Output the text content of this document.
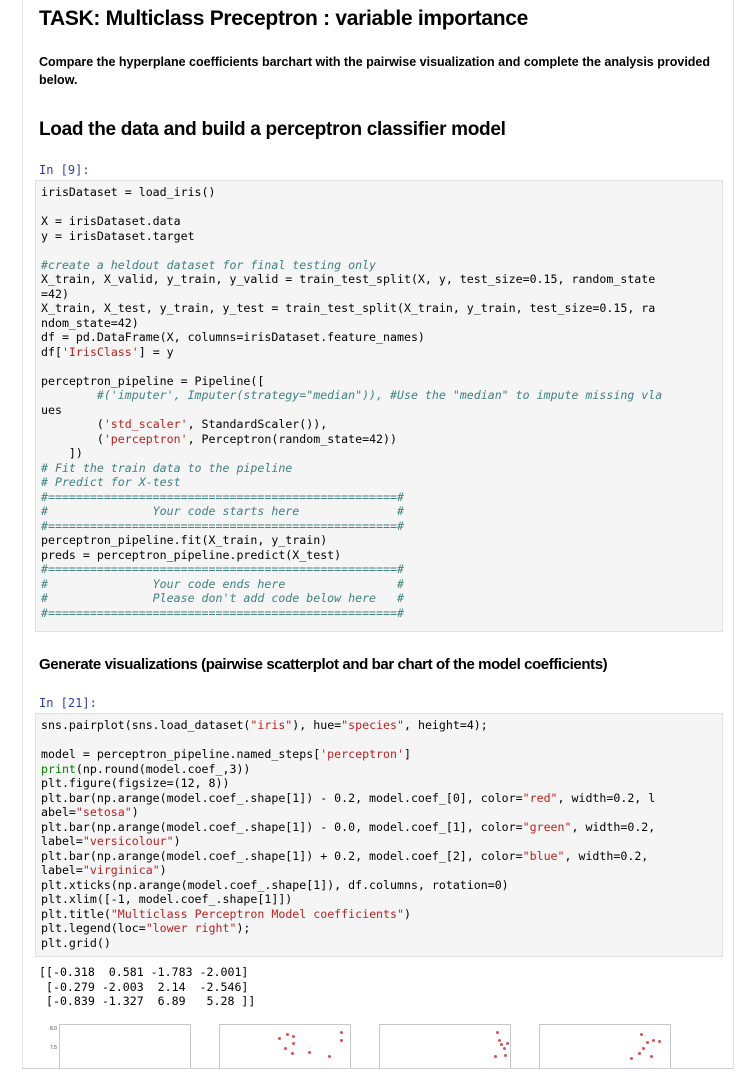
TASK: Multiclass Preceptron : variable importance
Compare the hyperplane coefficients barchart with the pairwise visualization and complete the analysis provided below.
Load the data and build a perceptron classifier model
In [9]:
irisDataset = load_iris()

X = irisDataset.data
y = irisDataset.target

#create a heldout dataset for final testing only
X_train, X_valid, y_train, y_valid = train_test_split(X, y, test_size=0.15, random_state
=42)
X_train, X_test, y_train, y_test = train_test_split(X_train, y_train, test_size=0.15, ra
ndom_state=42)
df = pd.DataFrame(X, columns=irisDataset.feature_names)
df['IrisClass'] = y

perceptron_pipeline = Pipeline([
#('imputer', Imputer(strategy="median")), #Use the "median" to impute missing vla
ues
('std_scaler', StandardScaler()),
('perceptron', Perceptron(random_state=42))
])
# Fit the train data to the pipeline
# Predict for X-test
#==================================================#
#               Your code starts here              #
#==================================================#
perceptron_pipeline.fit(X_train, y_train)
preds = perceptron_pipeline.predict(X_test)
#==================================================#
#               Your code ends here                #
#               Please don't add code below here   #
#==================================================#
Generate visualizations (pairwise scatterplot and bar chart of the model coefficients)
In [21]:
sns.pairplot(sns.load_dataset("iris"), hue="species", height=4);

model = perceptron_pipeline.named_steps['perceptron']
print(np.round(model.coef_,3))
plt.figure(figsize=(12, 8))
plt.bar(np.arange(model.coef_.shape[1]) - 0.2, model.coef_[0], color="red", width=0.2, l
abel="setosa")
plt.bar(np.arange(model.coef_.shape[1]) - 0.0, model.coef_[1], color="green", width=0.2,
label="versicolour")
plt.bar(np.arange(model.coef_.shape[1]) + 0.2, model.coef_[2], color="blue", width=0.2,
label="virginica")
plt.xticks(np.arange(model.coef_.shape[1]), df.columns, rotation=0)
plt.xlim([-1, model.coef_.shape[1]])
plt.title("Multiclass Perceptron Model coefficients")
plt.legend(loc="lower right");
plt.grid()
[[-0.318  0.581 -1.783 -2.001]
[-0.279 -2.003  2.14  -2.546]
[-0.839 -1.327  6.89   5.28 ]]
8.0
7.5
